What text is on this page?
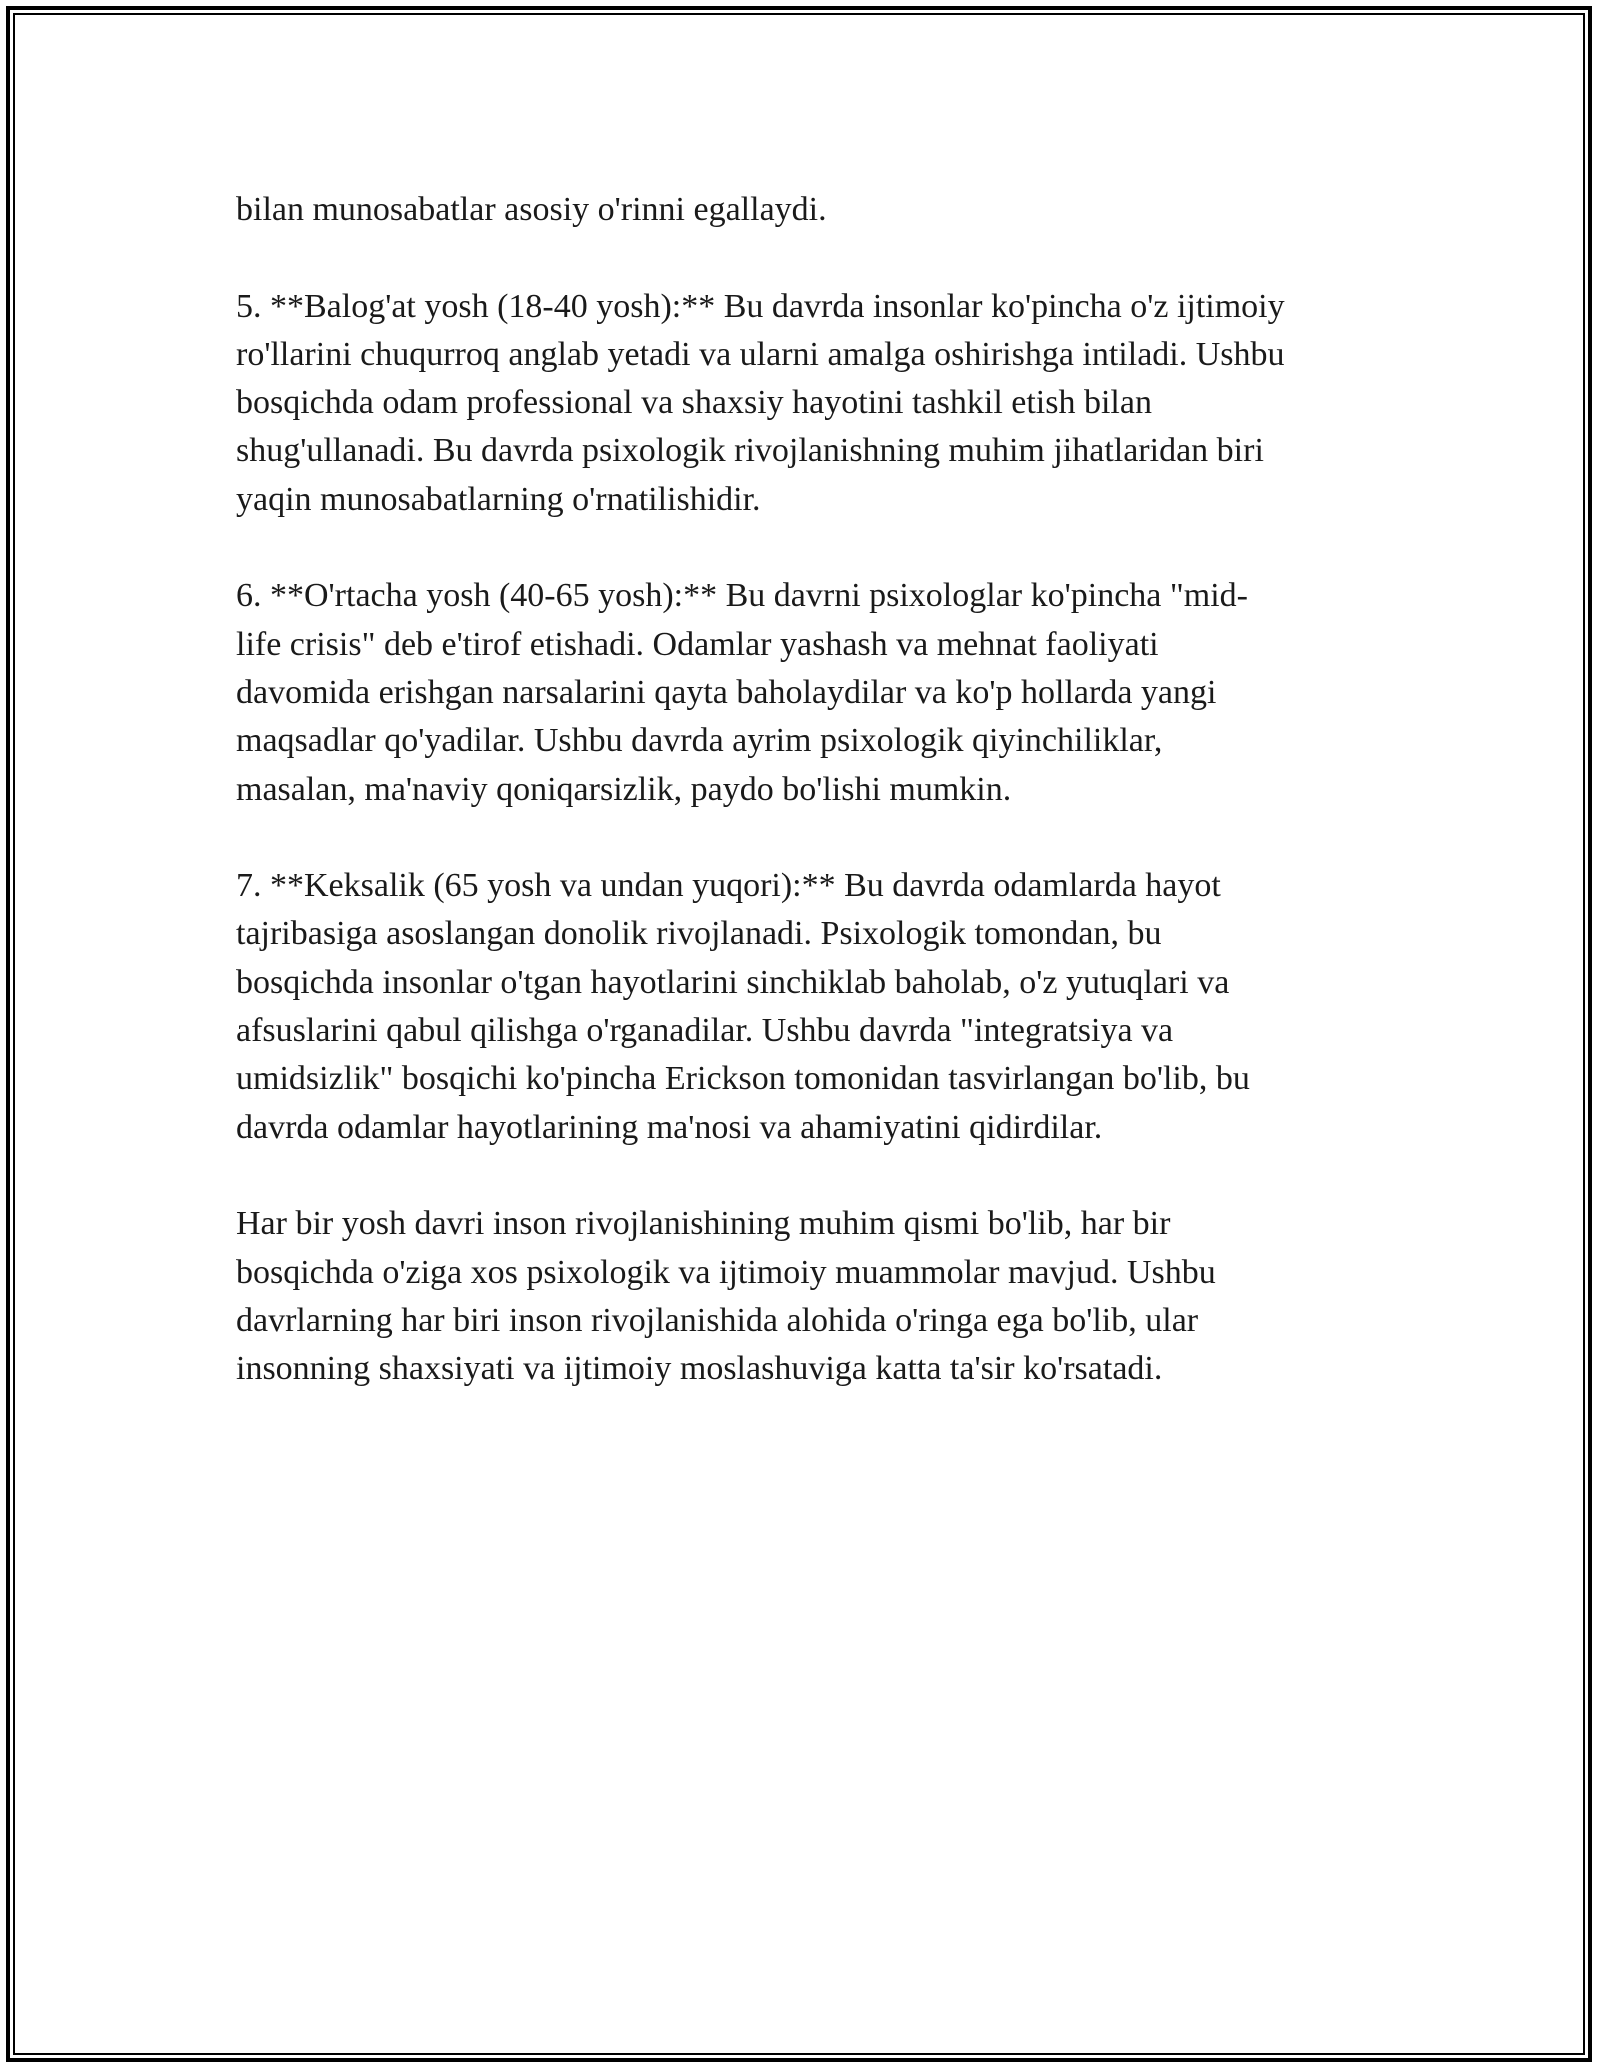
bilan munosabatlar asosiy o'rinni egallaydi.

5. **Balog'at yosh (18-40 yosh):** Bu davrda insonlar ko'pincha o'z ijtimoiy
ro'llarini chuqurroq anglab yetadi va ularni amalga oshirishga intiladi. Ushbu
bosqichda odam professional va shaxsiy hayotini tashkil etish bilan
shug'ullanadi. Bu davrda psixologik rivojlanishning muhim jihatlaridan biri
yaqin munosabatlarning o'rnatilishidir.

6. **O'rtacha yosh (40-65 yosh):** Bu davrni psixologlar ko'pincha "mid-
life crisis" deb e'tirof etishadi. Odamlar yashash va mehnat faoliyati
davomida erishgan narsalarini qayta baholaydilar va ko'p hollarda yangi
maqsadlar qo'yadilar. Ushbu davrda ayrim psixologik qiyinchiliklar,
masalan, ma'naviy qoniqarsizlik, paydo bo'lishi mumkin.

7. **Keksalik (65 yosh va undan yuqori):** Bu davrda odamlarda hayot
tajribasiga asoslangan donolik rivojlanadi. Psixologik tomondan, bu
bosqichda insonlar o'tgan hayotlarini sinchiklab baholab, o'z yutuqlari va
afsuslarini qabul qilishga o'rganadilar. Ushbu davrda "integratsiya va
umidsizlik" bosqichi ko'pincha Erickson tomonidan tasvirlangan bo'lib, bu
davrda odamlar hayotlarining ma'nosi va ahamiyatini qidirdilar.

Har bir yosh davri inson rivojlanishining muhim qismi bo'lib, har bir
bosqichda o'ziga xos psixologik va ijtimoiy muammolar mavjud. Ushbu
davrlarning har biri inson rivojlanishida alohida o'ringa ega bo'lib, ular
insonning shaxsiyati va ijtimoiy moslashuviga katta ta'sir ko'rsatadi.
